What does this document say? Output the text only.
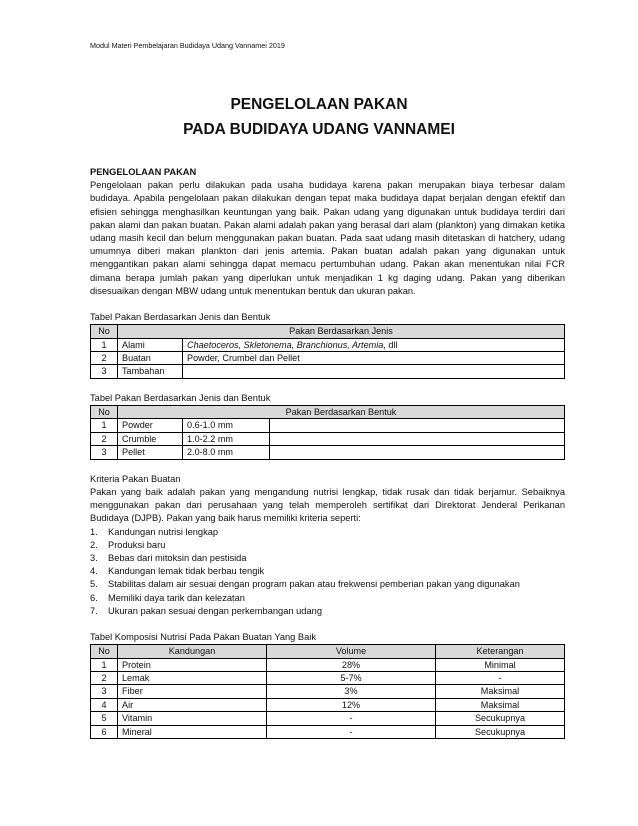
Modul Materi Pembelajaran Budidaya Udang Vannamei 2019
PENGELOLAAN PAKAN
PADA BUDIDAYA UDANG VANNAMEI
PENGELOLAAN PAKAN

Pengelolaan pakan perlu dilakukan pada usaha budidaya karena pakan merupakan biaya terbesar dalam budidaya. Apabila pengelolaan pakan dilakukan dengan tepat maka budidaya dapat berjalan dengan efektif dan efisien sehingga menghasilkan keuntungan yang baik. Pakan udang yang digunakan untuk budidaya terdiri dari pakan alami dan pakan buatan. Pakan alami adalah pakan yang berasal dari alam (plankton) yang dimakan ketika udang masih kecil dan belum menggunakan pakan buatan. Pada saat udang masih ditetaskan di hatchery, udang umumnya diberi makan plankton dari jenis artemia. Pakan buatan adalah pakan yang digunakan untuk menggantikan pakan alami sehingga dapat memacu pertumbuhan udang. Pakan akan menentukan nilai FCR dimana berapa jumlah pakan yang diperlukan untuk menjadikan 1 kg daging udang. Pakan yang diberikan disesuaikan dengan MBW udang untuk menentukan bentuk dan ukuran pakan.

Tabel Pakan Berdasarkan Jenis dan Bentuk

No	Pakan Berdasarkan Jenis	
1	Alami	Chaetoceros, Skletonema, Branchionus, Artemia, dll
2	Buatan	Powder, Crumbel dan Pellet
3	Tambahan	

Tabel Pakan Berdasarkan Jenis dan Bentuk

No	Pakan Berdasarkan Bentuk		
1	Powder	0.6-1.0 mm	
2	Crumble	1.0-2.2 mm	
3	Pellet	2.0-8.0 mm	
Kriteria Pakan Buatan

Pakan yang baik adalah pakan yang mengandung nutrisi lengkap, tidak rusak dan tidak berjamur. Sebaiknya menggunakan pakan dari perusahaan yang telah memperoleh sertifikat dari Direktorat Jenderal Perikanan Budidaya (DJPB). Pakan yang baik harus memiliki kriteria seperti:

1.	Kandungan nutrisi lengkap
2.	Produksi baru
3.	Bebas dari mitoksin dan pestisida
4.	Kandungan lemak tidak berbau tengik
5.	Stabilitas dalam air sesuai dengan program pakan atau frekwensi pemberian pakan yang digunakan
6.	Memiliki daya tarik dan kelezatan
7.	Ukuran pakan sesuai dengan perkembangan udang

Tabel Komposisi Nutrisi Pada Pakan Buatan Yang Baik

No	Kandungan	Volume	Keterangan
1	Protein	28%	Minimal
2	Lemak	5-7%	-
3	Fiber	3%	Maksimal
4	Air	12%	Maksimal
5	Vitamin	-	Secukupnya
6	Mineral	-	Secukupnya
